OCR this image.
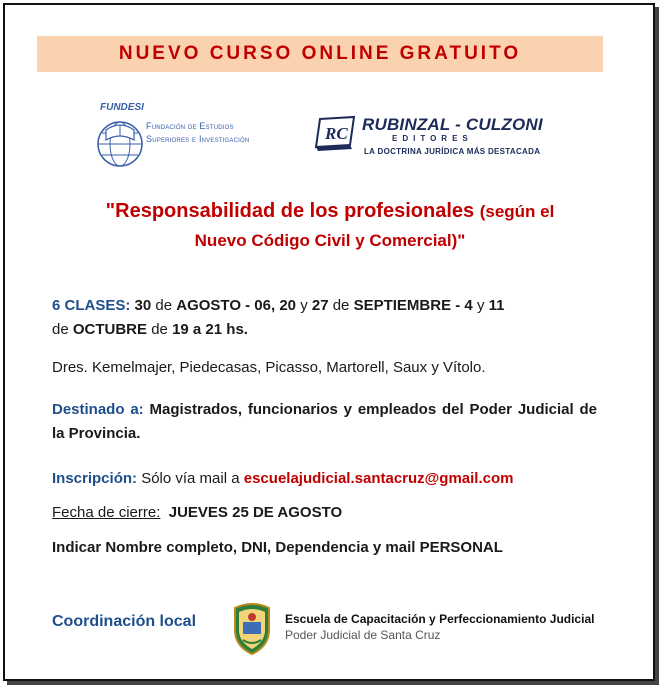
NUEVO CURSO ONLINE GRATUITO
FUNDESI
Fundación de Estudios
Superiores e Investigación	RC RUBINZAL - CULZONI
EDITORES
LA DOCTRINA JURÍDICA MÁS DESTACADA
"Responsabilidad de los profesionales (según el
Nuevo Código Civil y Comercial)"
6 CLASES: 30 de AGOSTO - 06, 20 y 27 de SEPTIEMBRE - 4 y 11
de OCTUBRE de 19 a 21 hs.
Dres. Kemelmajer, Piedecasas, Picasso, Martorell, Saux y Vítolo.
Destinado a: Magistrados, funcionarios y empleados del Poder Judicial de la Provincia.
Inscripción: Sólo vía mail a escuelajudicial.santacruz@gmail.com
Fecha de cierre: JUEVES 25 DE AGOSTO
Indicar Nombre completo, DNI, Dependencia y mail PERSONAL
Coordinación local	Escuela de Capacitación y Perfeccionamiento Judicial
Poder Judicial de Santa Cruz
